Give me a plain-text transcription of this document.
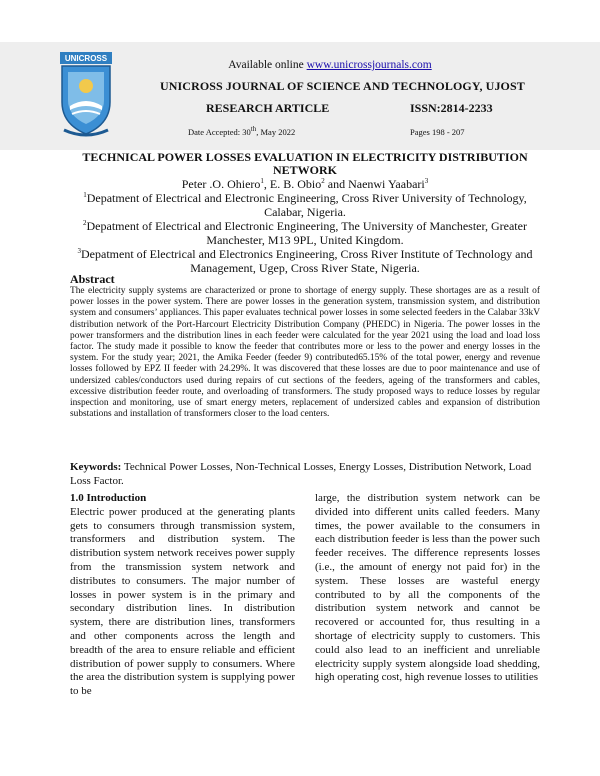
UNICROSS
Available online www.unicrossjournals.com
UNICROSS JOURNAL OF SCIENCE AND TECHNOLOGY, UJOST
RESEARCH ARTICLE	ISSN:2814-2233
Date Accepted: 30th, May 2022	Pages 198 - 207
TECHNICAL POWER LOSSES EVALUATION IN ELECTRICITY DISTRIBUTION NETWORK
Peter .O. Ohiero$^1$, E. B. Obio$^2$ and Naenwi Yaabari$^3$
$^1$Depatment of Electrical and Electronic Engineering, Cross River University of Technology, Calabar, Nigeria.
$^2$Depatment of Electrical and Electronic Engineering, The University of Manchester, Greater Manchester, M13 9PL, United Kingdom.
$^3$Depatment of Electrical and Electronics Engineering, Cross River Institute of Technology and Management, Ugep, Cross River State, Nigeria.
Abstract
The electricity supply systems are characterized or prone to shortage of energy supply. These shortages are as a result of power losses in the power system. There are power losses in the generation system, transmission system, and distribution system and consumers’ appliances. This paper evaluates technical power losses in some selected feeders in the Calabar 33kV distribution network of the Port-Harcourt Electricity Distribution Company (PHEDC) in Nigeria. The power losses in the power transformers and the distribution lines in each feeder were calculated for the year 2021 using the load and load loss factor. The study made it possible to know the feeder that contributes more or less to the power and energy losses in the system. For the study year; 2021, the Amika Feeder (feeder 9) contributed65.15% of the total power, energy and revenue losses followed by EPZ II feeder with 24.29%. It was discovered that these losses are due to poor maintenance and use of undersized cables/conductors used during repairs of cut sections of the feeders, ageing of the transformers and cables, excessive distribution feeder route, and overloading of transformers. The study proposed ways to reduce losses by regular inspection and monitoring, use of smart energy meters, replacement of undersized cables and expansion of distribution substations and installation of transformers closer to the load centers.
Keywords: Technical Power Losses, Non-Technical Losses, Energy Losses, Distribution Network, Load Loss Factor.
1.0 Introduction
Electric power produced at the generating plants gets to consumers through transmission system, transformers and distribution system. The distribution system network receives power supply from the transmission system network and distributes to consumers. The major number of losses in power system is in the primary and secondary distribution lines. In distribution system, there are distribution lines, transformers and other components across the length and breadth of the area to ensure reliable and efficient distribution of power supply to consumers. Where the area the distribution system is supplying power to be
large, the distribution system network can be divided into different units called feeders. Many times, the power available to the consumers in each distribution feeder is less than the power such feeder receives. The difference represents losses (i.e., the amount of energy not paid for) in the system. These losses are wasteful energy contributed to by all the components of the distribution system network and cannot be recovered or accounted for, thus resulting in a shortage of electricity supply to customers. This could also lead to an inefficient and unreliable electricity supply system alongside load shedding, high operating cost, high revenue losses to utilities
